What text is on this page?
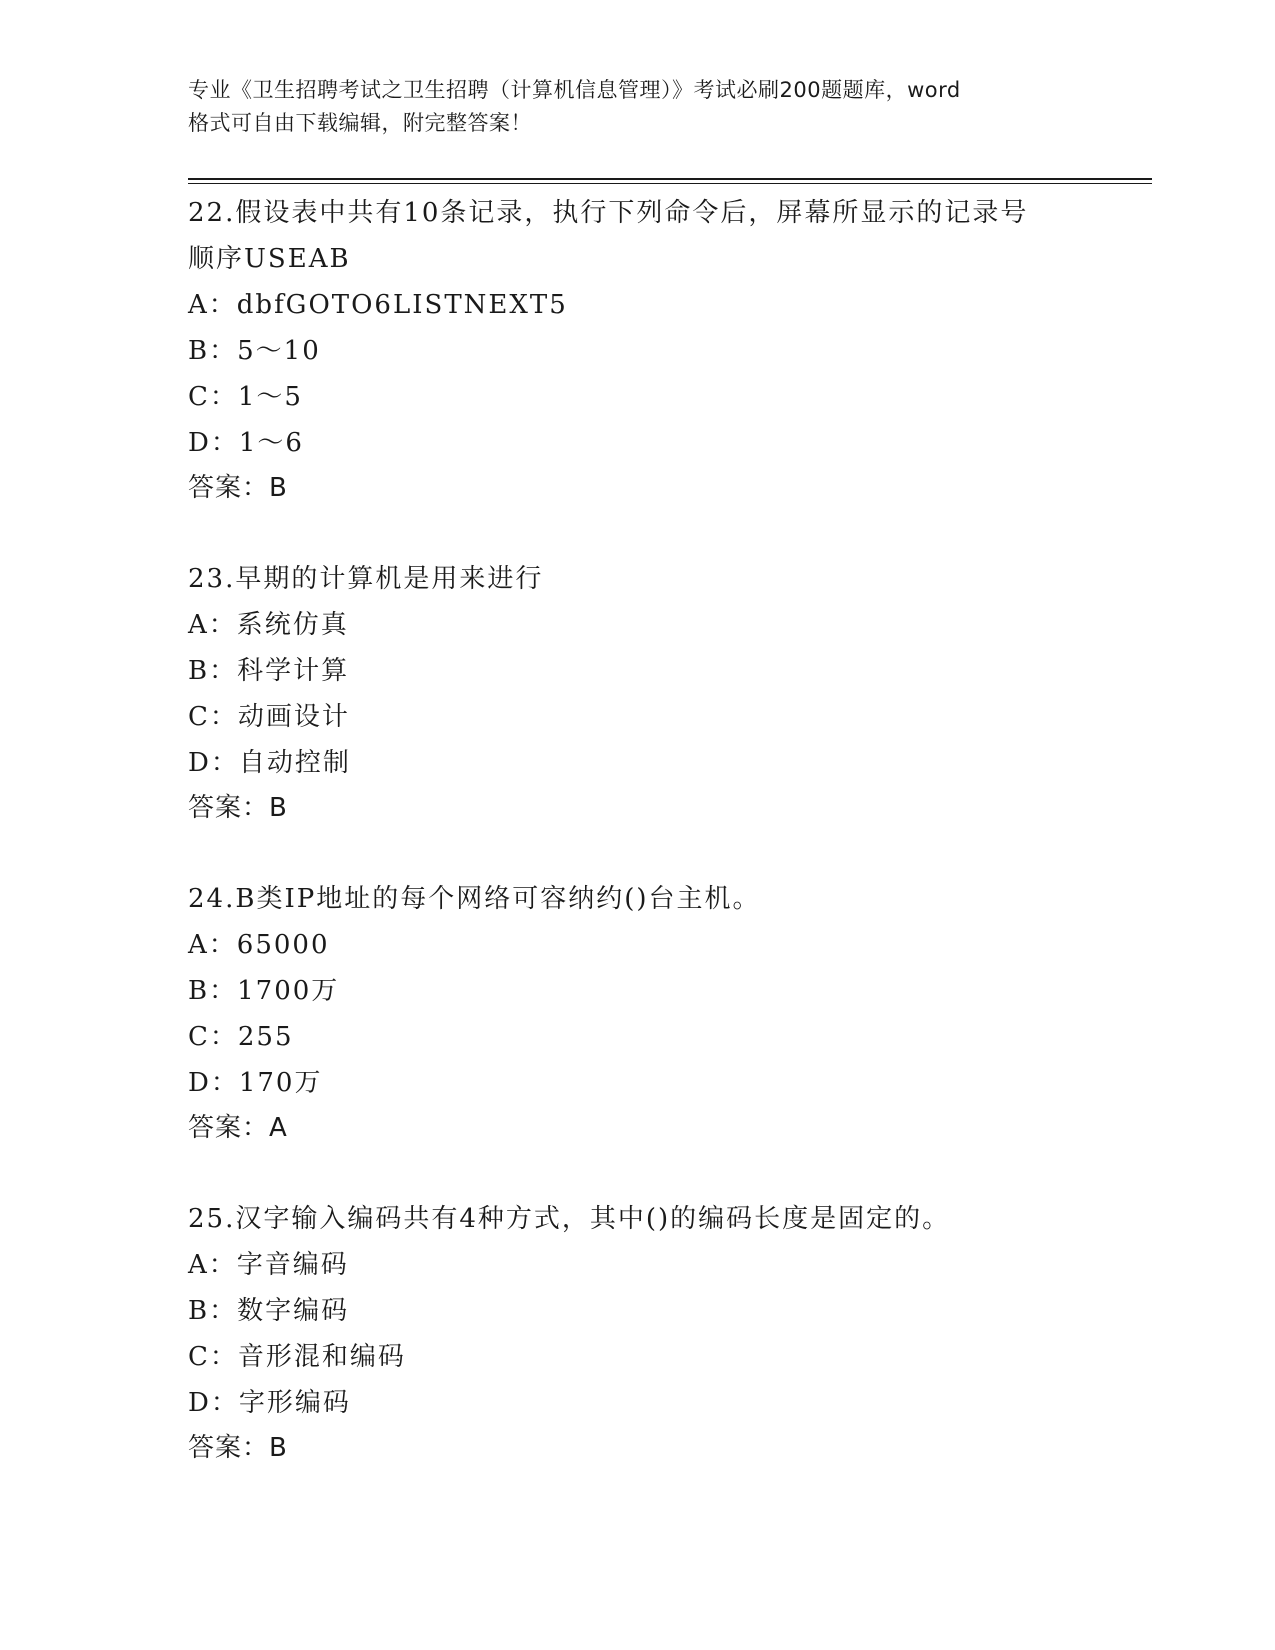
专业《卫生招聘考试之卫生招聘（计算机信息管理）》考试必刷200题题库，word
格式可自由下载编辑，附完整答案！
22.假设表中共有10条记录，执行下列命令后，屏幕所显示的记录号
顺序USEAB
A：dbfGOTO6LISTNEXT5
B：5～10
C：1～5
D：1～6
答案：B
23.早期的计算机是用来进行
A：系统仿真
B：科学计算
C：动画设计
D：自动控制
答案：B
24.B类IP地址的每个网络可容纳约()台主机。
A：65000
B：1700万
C：255
D：170万
答案：A
25.汉字输入编码共有4种方式，其中()的编码长度是固定的。
A：字音编码
B：数字编码
C：音形混和编码
D：字形编码
答案：B
